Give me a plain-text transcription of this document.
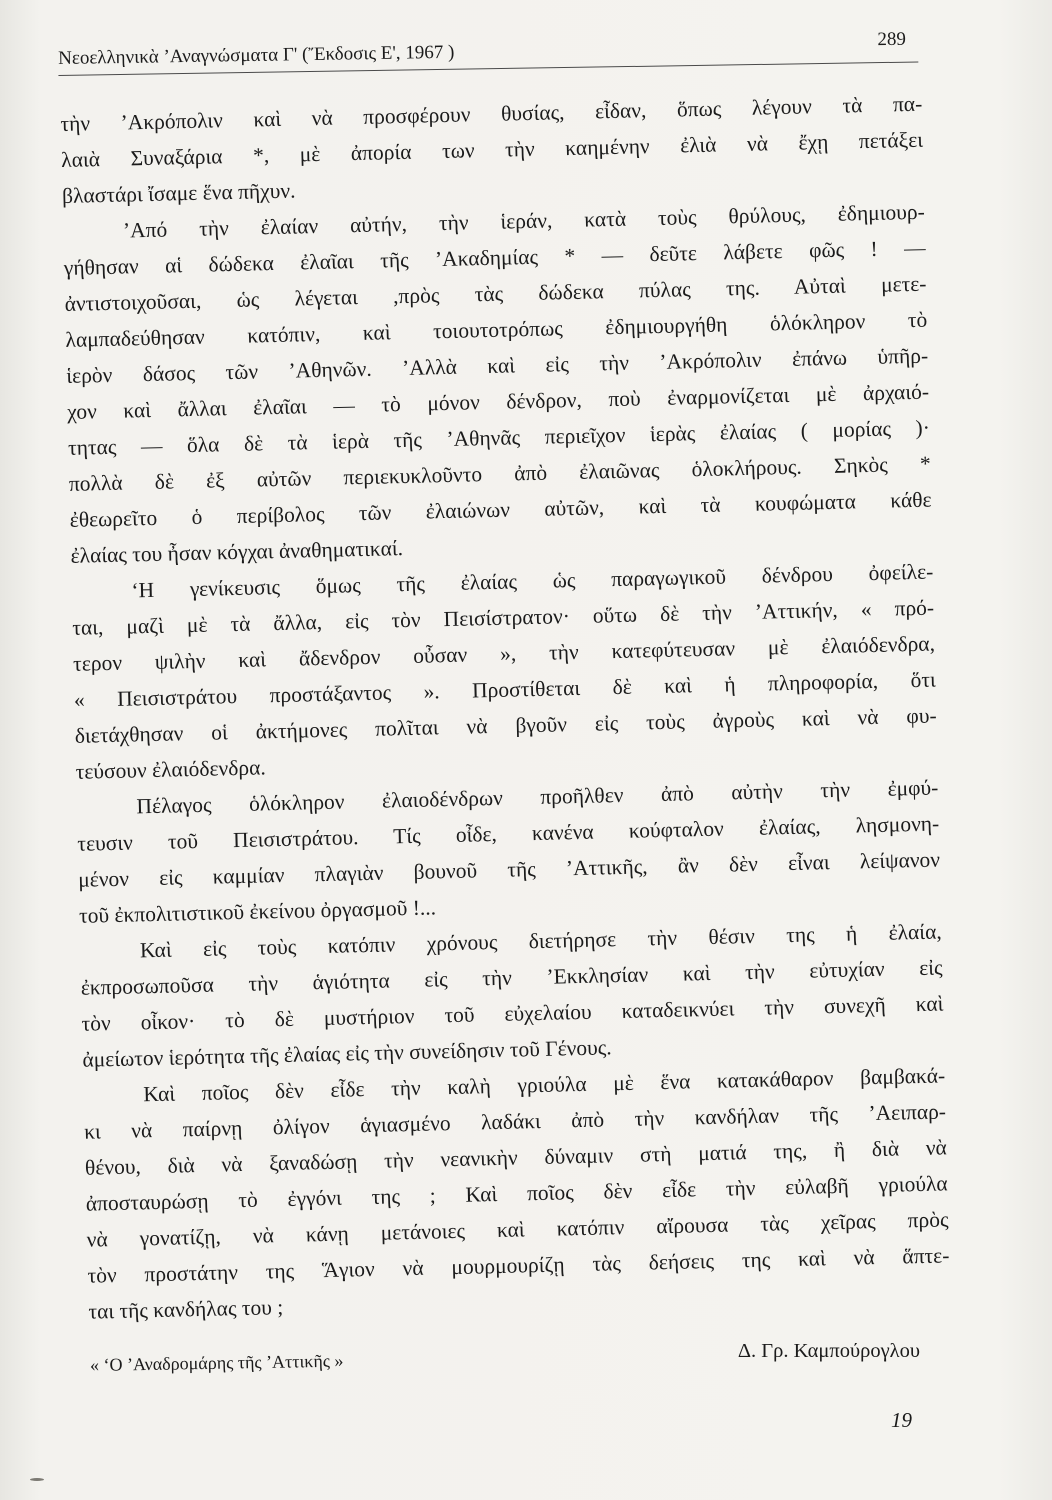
Νεοελληνικὰ ’Αναγνώσματα Γ' (Ἔκδοσις Ε', 1967 )
289
τὴν ’Ακρόπολιν καὶ νὰ προσφέρουν θυσίας, εἶδαν, ὅπως λέγουν τὰ πα-
λαιὰ Συναξάρια *, μὲ ἀπορία των τὴν καημένην ἐλιὰ νὰ ἔχῃ πετάξει
βλαστάρι ἴσαμε ἕνα πῆχυν.
’Από τὴν ἐλαίαν αὐτήν, τὴν ἱεράν, κατὰ τοὺς θρύλους, ἐδημιουρ-
γήθησαν αἱ δώδεκα ἐλαῖαι τῆς ’Ακαδημίας * — δεῦτε λάβετε φῶς ! —
ἀντιστοιχοῦσαι, ὡς λέγεται ,πρὸς τὰς δώδεκα πύλας της. Αὐταὶ μετε-
λαμπαδεύθησαν κατόπιν, καὶ τοιουτοτρόπως ἐδημιουργήθη ὁλόκληρον τὸ
ἱερὸν δάσος τῶν ’Αθηνῶν. ’Αλλὰ καὶ εἰς τὴν ’Ακρόπολιν ἐπάνω ὑπῆρ-
χον καὶ ἄλλαι ἐλαῖαι — τὸ μόνον δένδρον, ποὺ ἐναρμονίζεται μὲ ἀρχαιό-
τητας — ὅλα δὲ τὰ ἱερὰ τῆς ’Αθηνᾶς περιεῖχον ἱερὰς ἐλαίας ( μορίας )·
πολλὰ δὲ ἐξ αὐτῶν περιεκυκλοῦντο ἀπὸ ἐλαιῶνας ὁλοκλήρους. Σηκὸς *
ἐθεωρεῖτο ὁ περίβολος τῶν ἐλαιώνων αὐτῶν, καὶ τὰ κουφώματα κάθε
ἐλαίας του ἦσαν κόγχαι ἀναθηματικαί.
‘Η γενίκευσις ὅμως τῆς ἐλαίας ὡς παραγωγικοῦ δένδρου ὀφείλε-
ται, μαζὶ μὲ τὰ ἄλλα, εἰς τὸν Πεισίστρατον· οὕτω δὲ τὴν ’Αττικήν, « πρό-
τερον ψιλὴν καὶ ἄδενδρον οὖσαν », τὴν κατεφύτευσαν μὲ ἐλαιόδενδρα,
« Πεισιστράτου προστάξαντος ». Προστίθεται δὲ καὶ ἡ πληροφορία, ὅτι
διετάχθησαν οἱ ἀκτήμονες πολῖται νὰ βγοῦν εἰς τοὺς ἀγροὺς καὶ νὰ φυ-
τεύσουν ἐλαιόδενδρα.
Πέλαγος ὁλόκληρον ἐλαιοδένδρων προῆλθεν ἀπὸ αὐτὴν τὴν ἐμφύ-
τευσιν τοῦ Πεισιστράτου. Τίς οἶδε, κανένα κούφταλον ἐλαίας, λησμονη-
μένον εἰς καμμίαν πλαγιὰν βουνοῦ τῆς ’Αττικῆς, ἂν δὲν εἶναι λείψανον
τοῦ ἐκπολιτιστικοῦ ἐκείνου ὀργασμοῦ !...
Καὶ εἰς τοὺς κατόπιν χρόνους διετήρησε τὴν θέσιν της ἡ ἐλαία,
ἐκπροσωποῦσα τὴν ἁγιότητα εἰς τὴν ’Εκκλησίαν καὶ τὴν εὐτυχίαν εἰς
τὸν οἶκον· τὸ δὲ μυστήριον τοῦ εὐχελαίου καταδεικνύει τὴν συνεχῆ καὶ
ἀμείωτον ἱερότητα τῆς ἐλαίας εἰς τὴν συνείδησιν τοῦ Γένους.
Καὶ ποῖος δὲν εἶδε τὴν καλὴ γριούλα μὲ ἕνα κατακάθαρον βαμβακά-
κι νὰ παίρνῃ ὀλίγον ἁγιασμένο λαδάκι ἀπὸ τὴν κανδήλαν τῆς ’Αειπαρ-
θένου, διὰ νὰ ξαναδώσῃ τὴν νεανικὴν δύναμιν στὴ ματιά της, ἢ διὰ νὰ
ἀποσταυρώσῃ τὸ ἐγγόνι της ; Καὶ ποῖος δὲν εἶδε τὴν εὐλαβῆ γριούλα
νὰ γονατίζῃ, νὰ κάνῃ μετάνοιες καὶ κατόπιν αἴρουσα τὰς χεῖρας πρὸς
τὸν προστάτην της Ἅγιον νὰ μουρμουρίζῃ τὰς δεήσεις της καὶ νὰ ἅπτε-
ται τῆς κανδήλας του ;
« ‘Ο ’Αναδρομάρης τῆς ’Αττικῆς »	Δ. Γρ. Καμπούρογλου
19
